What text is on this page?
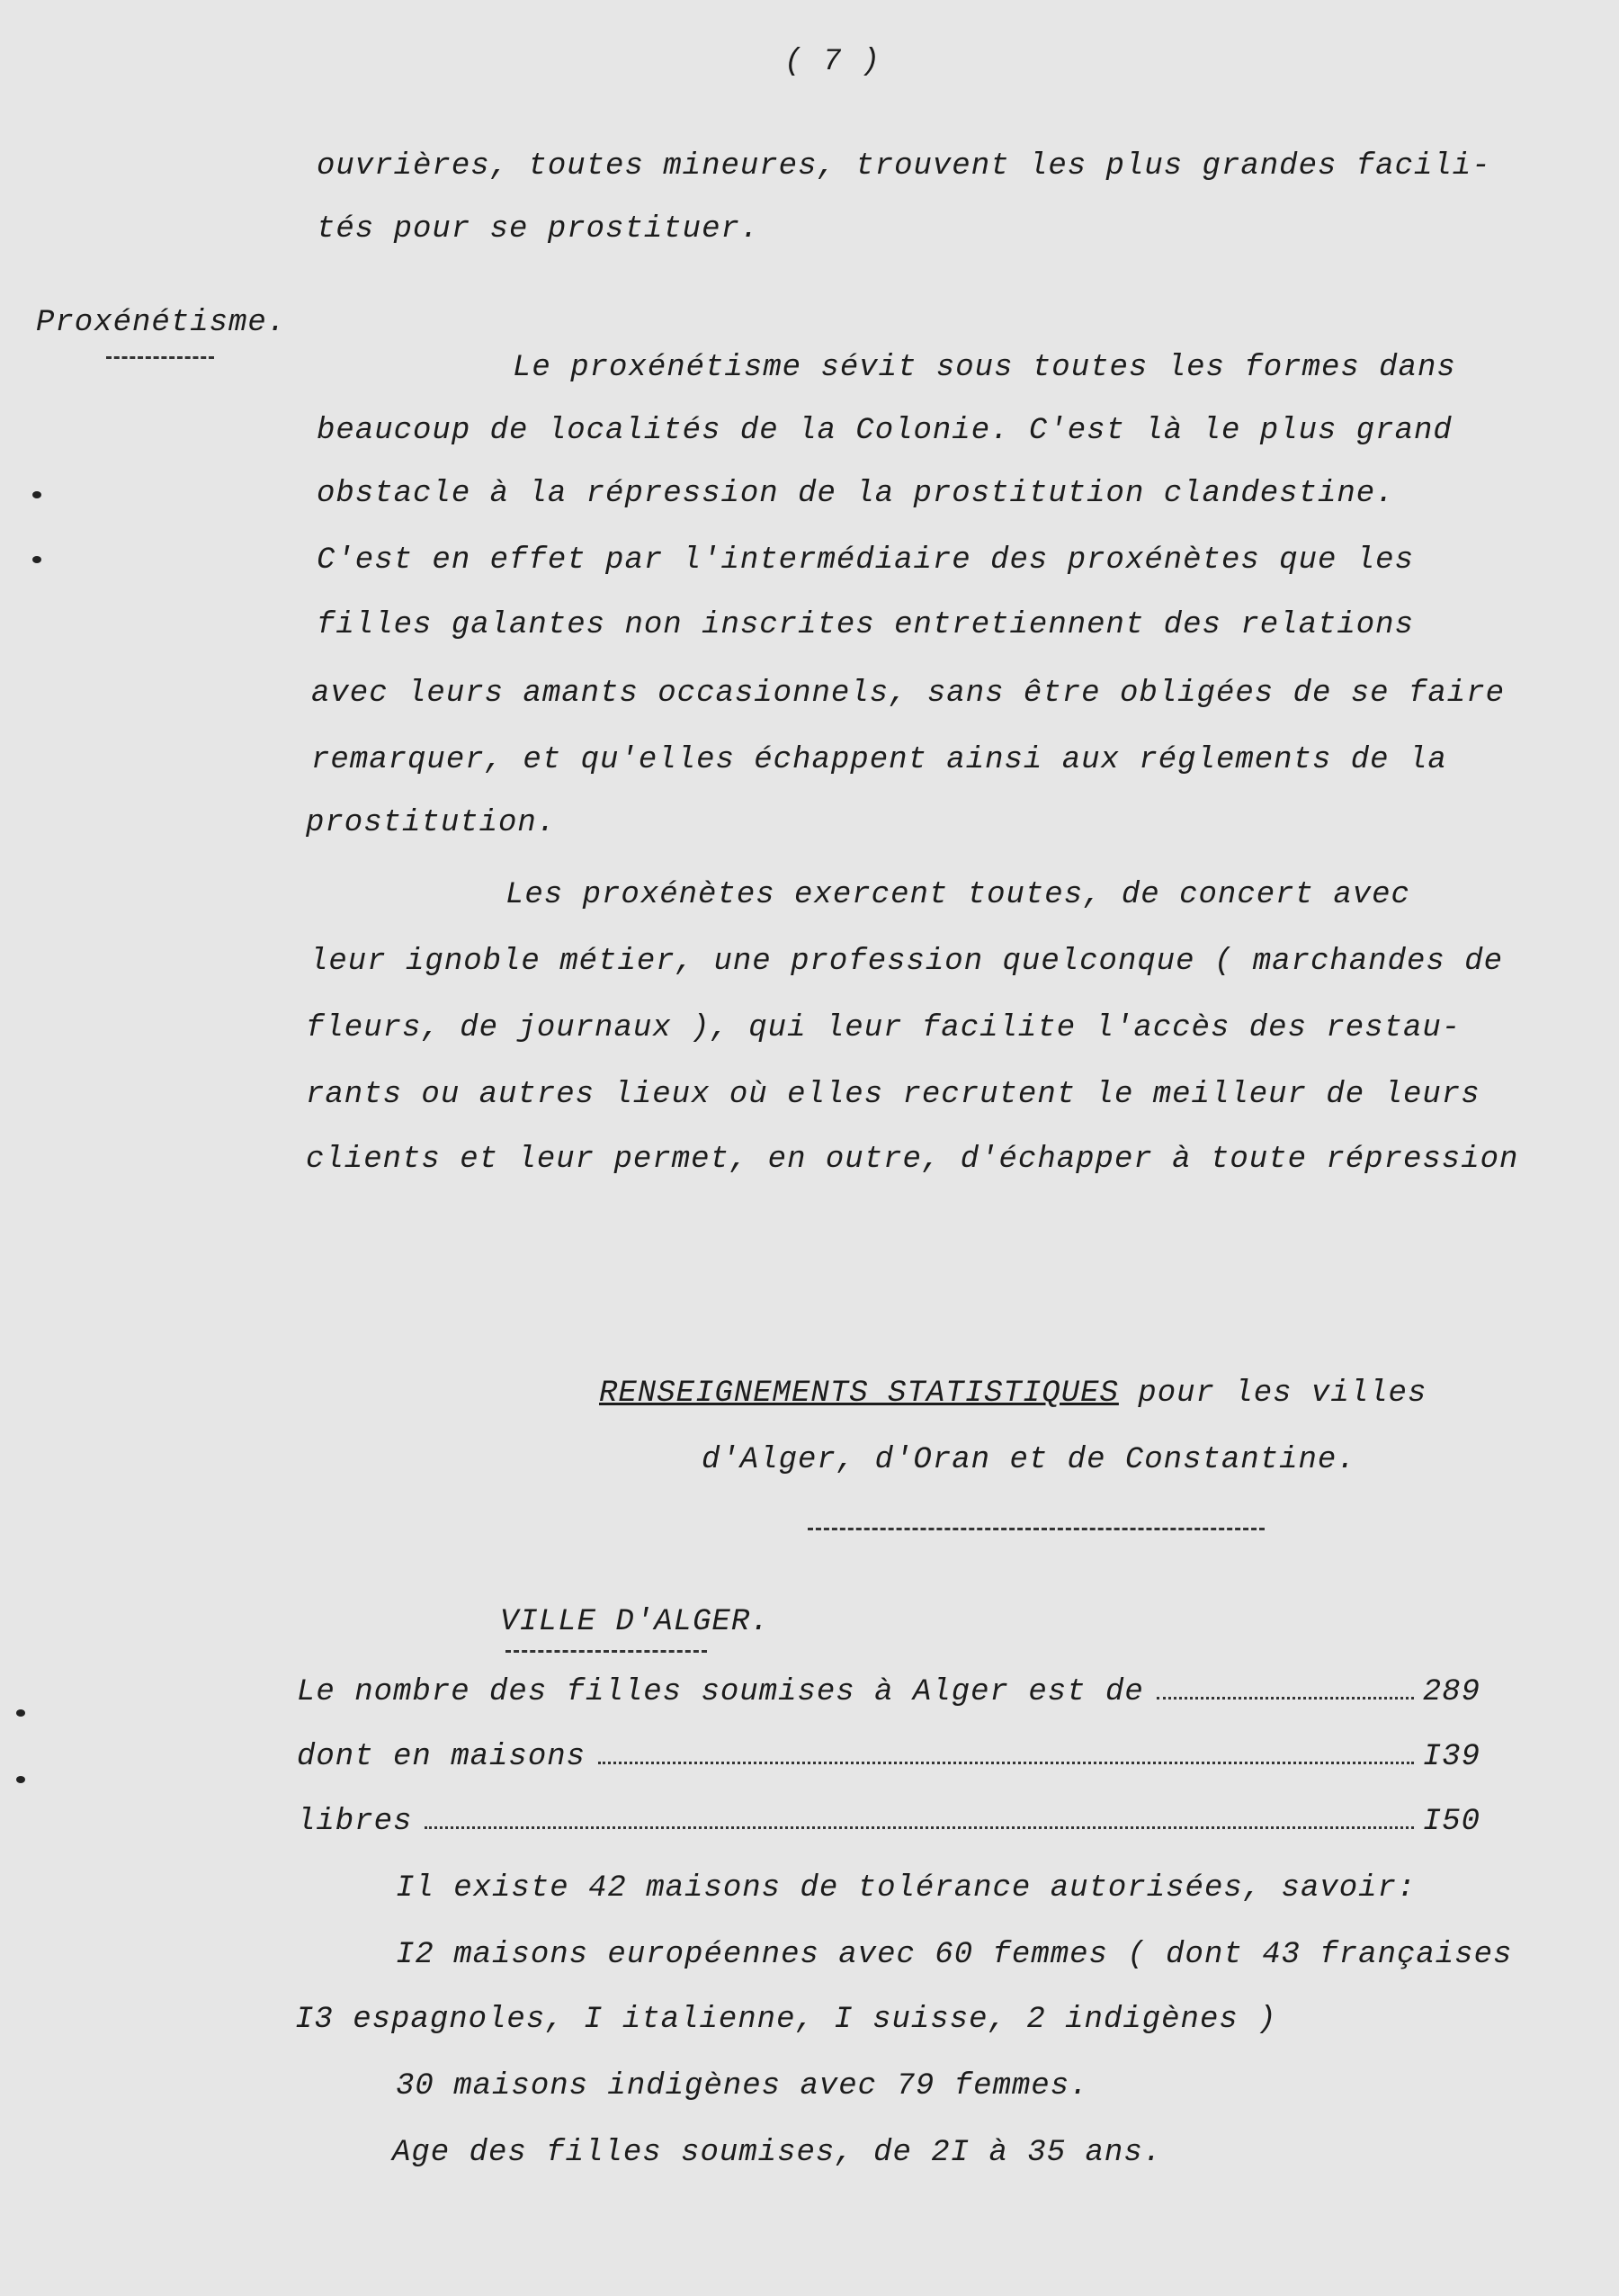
( 7 )
ouvrières, toutes mineures, trouvent les plus grandes facili-
tés pour se prostituer.
Proxénétisme.
Le proxénétisme sévit sous toutes les formes dans
beaucoup de localités de la Colonie. C'est là le plus grand
obstacle à la répression de la prostitution clandestine.
C'est en effet par l'intermédiaire des proxénètes que les
filles galantes non inscrites entretiennent des relations
avec leurs amants occasionnels, sans être obligées de se faire
remarquer, et qu'elles échappent ainsi aux réglements de la
prostitution.
Les proxénètes exercent toutes, de concert avec
leur ignoble métier, une profession quelconque ( marchandes de
fleurs, de journaux ), qui leur facilite l'accès des restau-
rants ou autres lieux où elles recrutent le meilleur de leurs
clients et leur permet, en outre, d'échapper à toute répression
RENSEIGNEMENTS STATISTIQUES pour les villes
d'Alger, d'Oran et de Constantine.
VILLE D'ALGER.
Le nombre des filles soumises à Alger est de	289
dont en maisons	I39
libres	I50
Il existe 42 maisons de tolérance autorisées, savoir:
I2 maisons européennes avec 60 femmes ( dont 43 françaises
I3 espagnoles, I italienne, I suisse, 2 indigènes )
30 maisons indigènes avec 79 femmes.
Age des filles soumises, de 2I à 35 ans.
